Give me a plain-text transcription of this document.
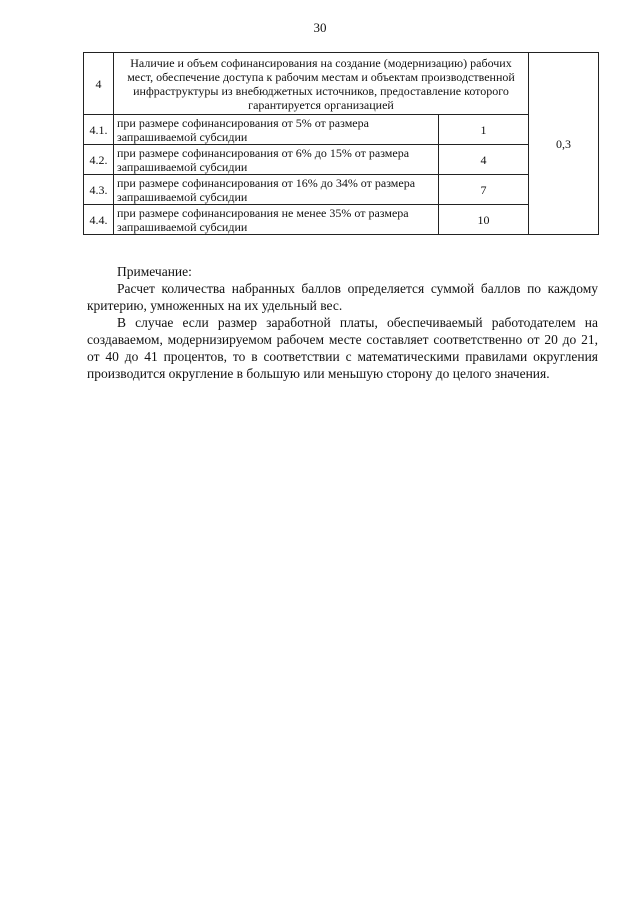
30
4	Наличие и объем софинансирования на создание (модернизацию) рабочих мест, обеспечение доступа к рабочим местам и объектам производственной инфраструктуры из внебюджетных источников, предоставление которого гарантируется организацией		0,3
4.1.	при размере софинансирования от 5% от размера запрашиваемой субсидии	1	
4.2.	при размере софинансирования от 6% до 15% от размера запрашиваемой субсидии	4	
4.3.	при размере софинансирования от 16% до 34% от размера запрашиваемой субсидии	7	
4.4.	при размере софинансирования не менее 35% от размера запрашиваемой субсидии	10	

Примечание:

Расчет количества набранных баллов определяется суммой баллов по каждому критерию, умноженных на их удельный вес.

В случае если размер заработной платы, обеспечиваемый работодателем на создаваемом, модернизируемом рабочем месте составляет соответственно от 20 до 21, от 40 до 41 процентов, то в соответствии с математическими правилами округления производится округление в большую или меньшую сторону до целого значения.
